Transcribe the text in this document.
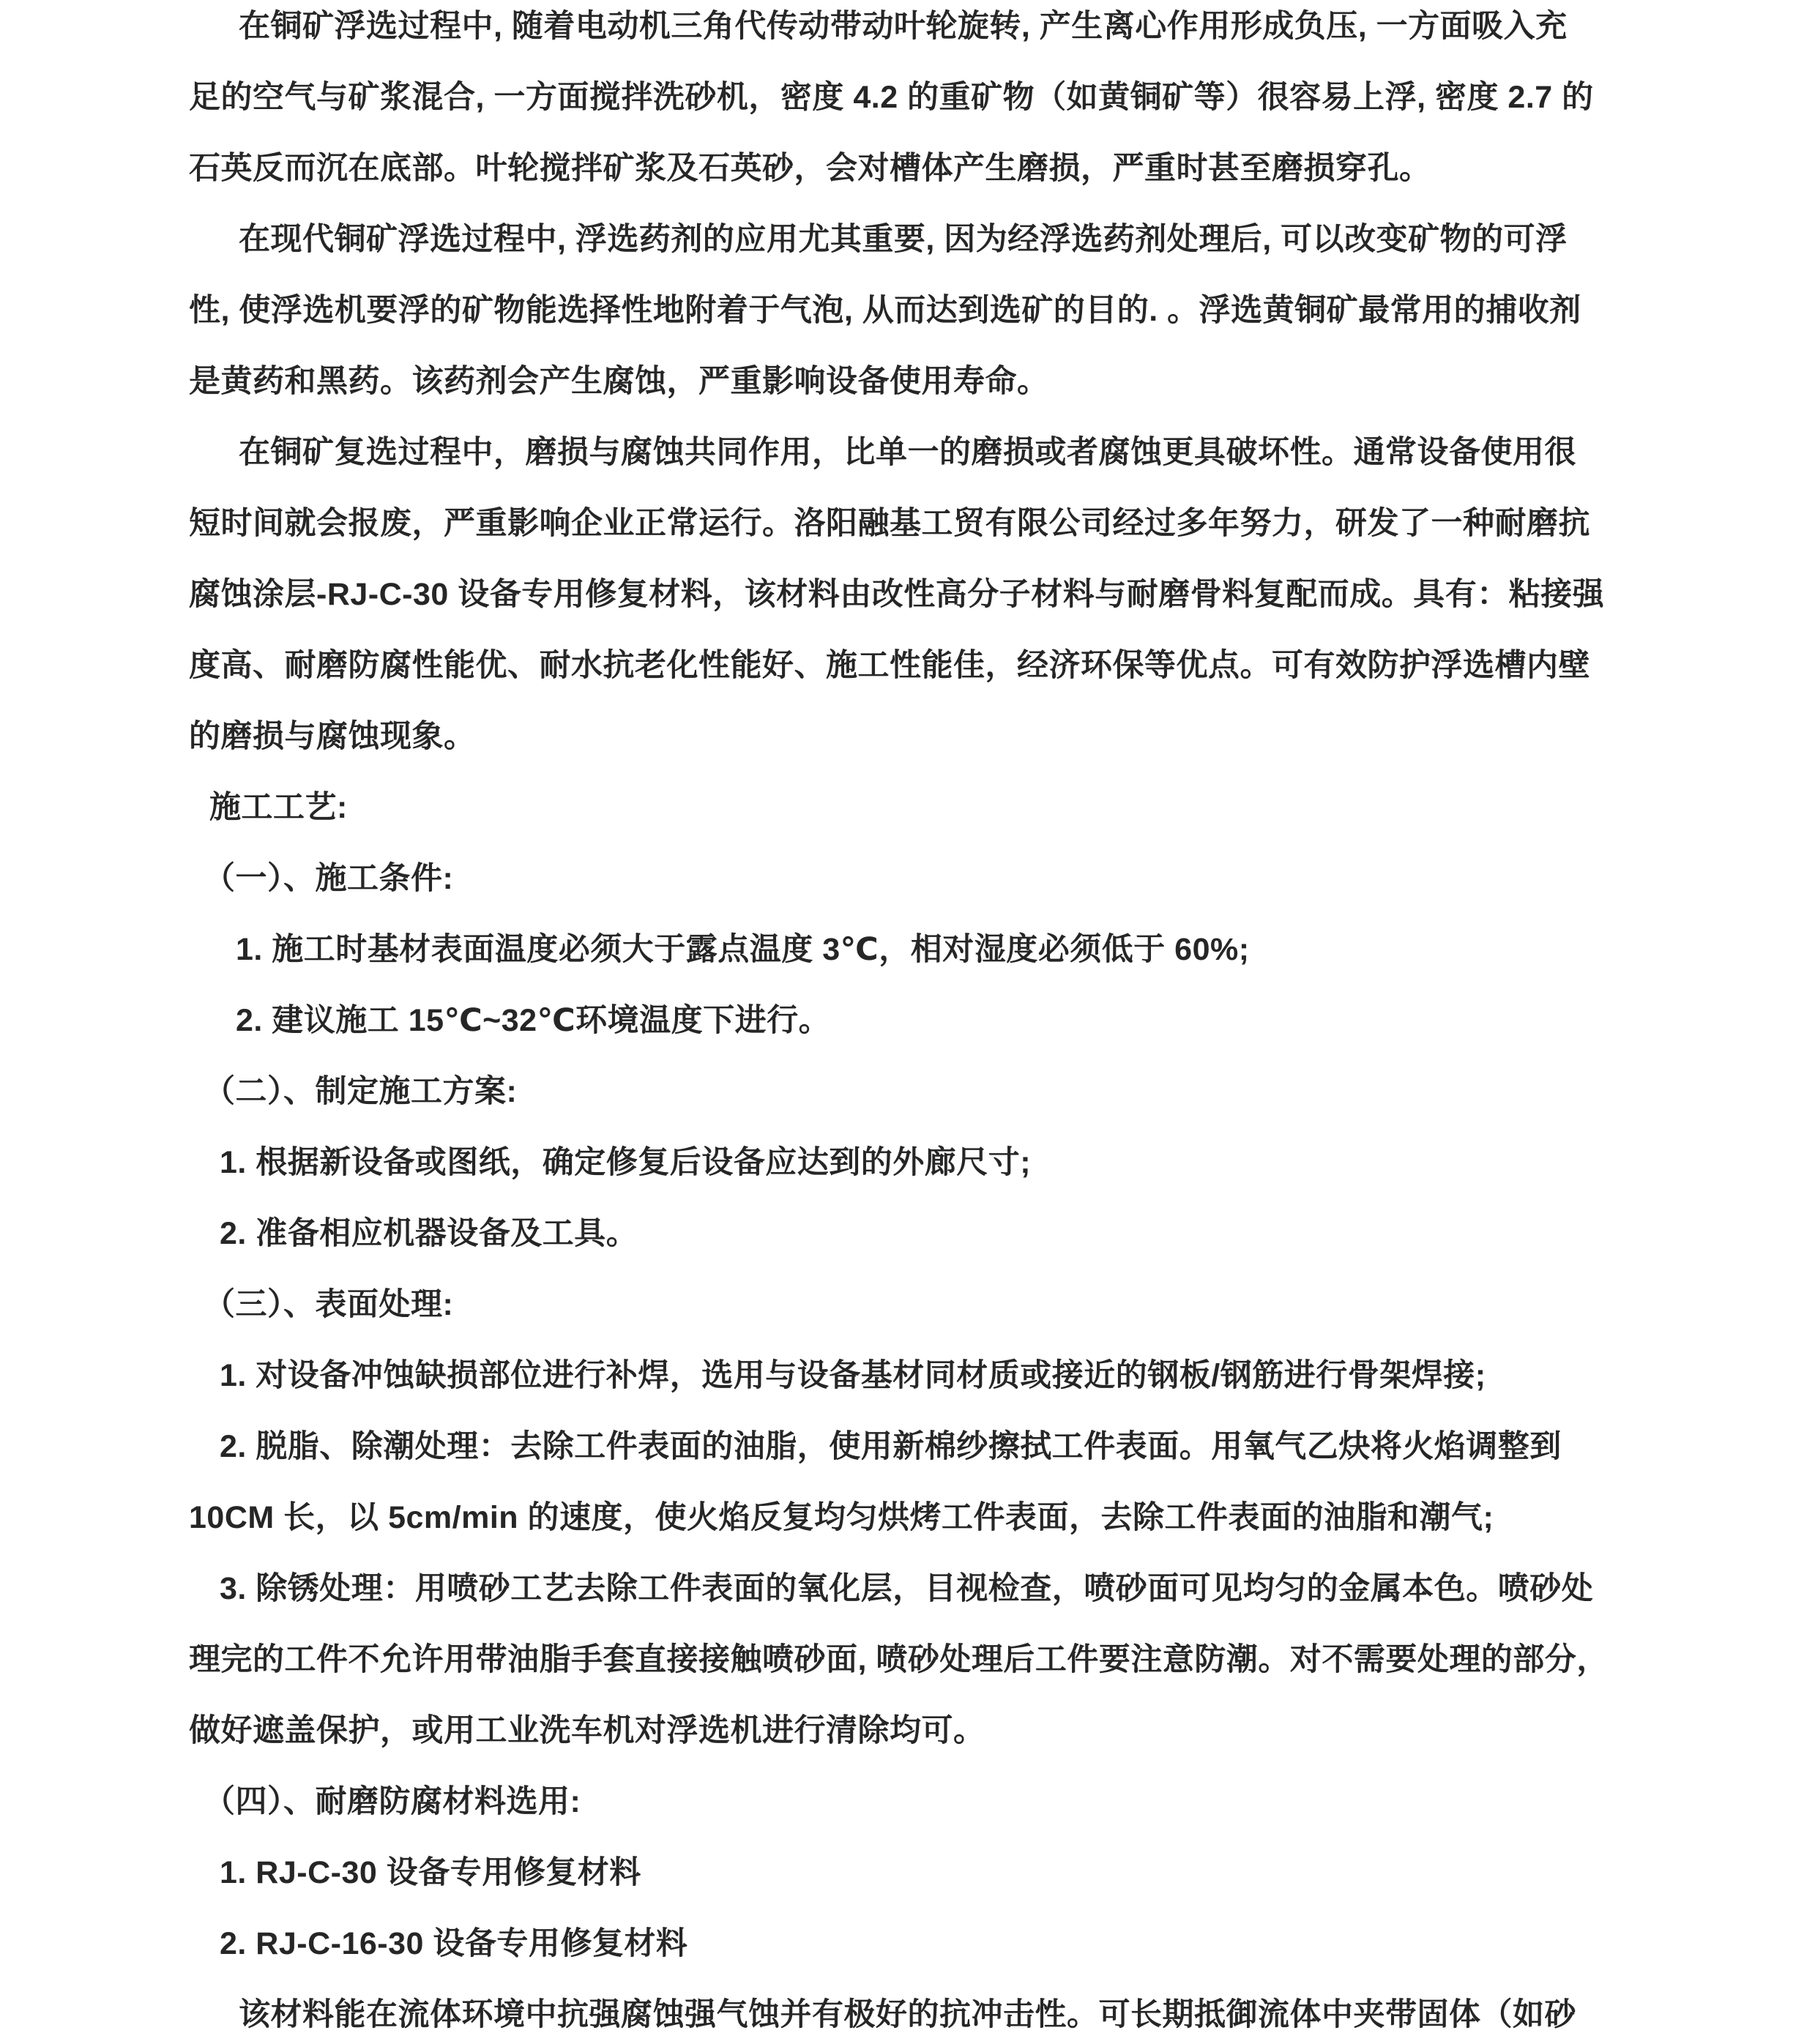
在铜矿浮选过程中, 随着电动机三角代传动带动叶轮旋转, 产生离心作用形成负压, 一方面吸入充
足的空气与矿浆混合, 一方面搅拌洗砂机，密度 4.2 的重矿物（如黄铜矿等）很容易上浮, 密度 2.7 的
石英反而沉在底部。叶轮搅拌矿浆及石英砂，会对槽体产生磨损，严重时甚至磨损穿孔。
在现代铜矿浮选过程中, 浮选药剂的应用尤其重要, 因为经浮选药剂处理后, 可以改变矿物的可浮
性, 使浮选机要浮的矿物能选择性地附着于气泡, 从而达到选矿的目的. 。浮选黄铜矿最常用的捕收剂
是黄药和黑药。该药剂会产生腐蚀，严重影响设备使用寿命。
在铜矿复选过程中，磨损与腐蚀共同作用，比单一的磨损或者腐蚀更具破坏性。通常设备使用很
短时间就会报废，严重影响企业正常运行。洛阳融基工贸有限公司经过多年努力，研发了一种耐磨抗
腐蚀涂层-RJ-C-30 设备专用修复材料，该材料由改性高分子材料与耐磨骨料复配而成。具有：粘接强
度高、耐磨防腐性能优、耐水抗老化性能好、施工性能佳，经济环保等优点。可有效防护浮选槽内壁
的磨损与腐蚀现象。
施工工艺:
（一）、施工条件:
1. 施工时基材表面温度必须大于露点温度 3℃，相对湿度必须低于 60%;
2. 建议施工 15℃~32℃环境温度下进行。
（二）、制定施工方案:
1. 根据新设备或图纸，确定修复后设备应达到的外廊尺寸;
2. 准备相应机器设备及工具。
（三）、表面处理:
1. 对设备冲蚀缺损部位进行补焊，选用与设备基材同材质或接近的钢板/钢筋进行骨架焊接;
2. 脱脂、除潮处理：去除工件表面的油脂，使用新棉纱擦拭工件表面。用氧气乙炔将火焰调整到
10CM 长，以 5cm/min 的速度，使火焰反复均匀烘烤工件表面，去除工件表面的油脂和潮气;
3. 除锈处理：用喷砂工艺去除工件表面的氧化层，目视检查，喷砂面可见均匀的金属本色。喷砂处
理完的工件不允许用带油脂手套直接接触喷砂面, 喷砂处理后工件要注意防潮。对不需要处理的部分，
做好遮盖保护，或用工业洗车机对浮选机进行清除均可。
（四）、耐磨防腐材料选用:
1. RJ-C-30 设备专用修复材料
2. RJ-C-16-30 设备专用修复材料
该材料能在流体环境中抗强腐蚀强气蚀并有极好的抗冲击性。可长期抵御流体中夹带固体（如砂
